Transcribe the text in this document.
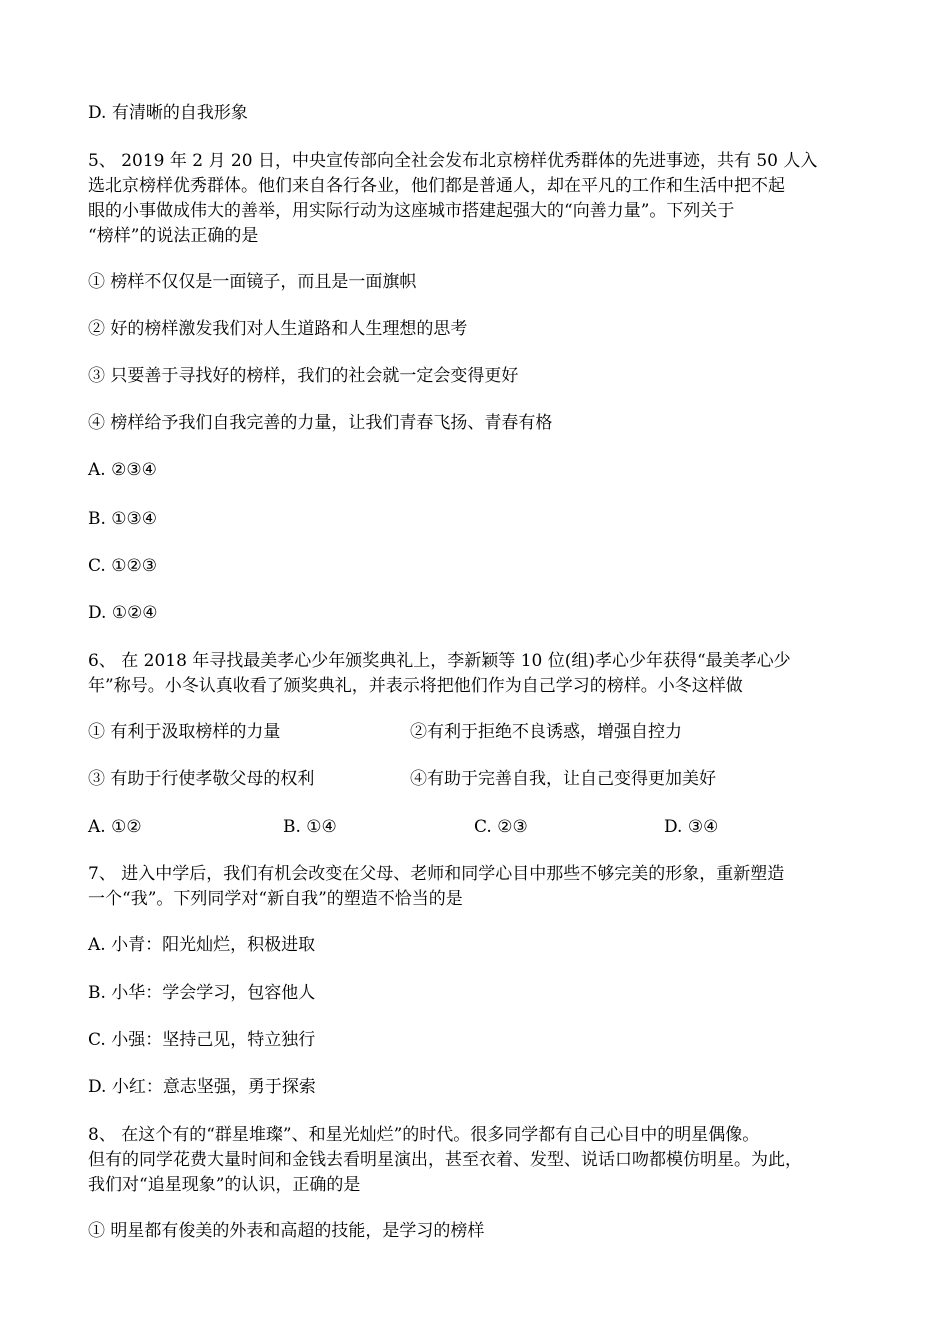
D. 有清晰的自我形象
5、 2019 年 2 月 20 日，中央宣传部向全社会发布北京榜样优秀群体的先进事迹，共有 50 人入
选北京榜样优秀群体。他们来自各行各业，他们都是普通人，却在平凡的工作和生活中把不起
眼的小事做成伟大的善举，用实际行动为这座城市搭建起强大的“向善力量”。下列关于
“榜样”的说法正确的是
① 榜样不仅仅是一面镜子，而且是一面旗帜
② 好的榜样激发我们对人生道路和人生理想的思考
③ 只要善于寻找好的榜样，我们的社会就一定会变得更好
④ 榜样给予我们自我完善的力量，让我们青春飞扬、青春有格
A. ②③④
B. ①③④
C. ①②③
D. ①②④
6、 在 2018 年寻找最美孝心少年颁奖典礼上，李新颖等 10 位(组)孝心少年获得“最美孝心少
年”称号。小冬认真收看了颁奖典礼，并表示将把他们作为自己学习的榜样。小冬这样做
① 有利于汲取榜样的力量	②有利于拒绝不良诱惑，增强自控力
③ 有助于行使孝敬父母的权利	④有助于完善自我，让自己变得更加美好
A. ①②	B. ①④	C. ②③	D. ③④
7、 进入中学后，我们有机会改变在父母、老师和同学心目中那些不够完美的形象，重新塑造
一个“我”。下列同学对“新自我”的塑造不恰当的是
A. 小青：阳光灿烂，积极进取
B. 小华：学会学习，包容他人
C. 小强：坚持己见，特立独行
D. 小红：意志坚强，勇于探索
8、 在这个有的“群星堆璨”、和星光灿烂”的时代。很多同学都有自己心目中的明星偶像。
但有的同学花费大量时间和金钱去看明星演出，甚至衣着、发型、说话口吻都模仿明星。为此，
我们对“追星现象”的认识，正确的是
① 明星都有俊美的外表和高超的技能，是学习的榜样
